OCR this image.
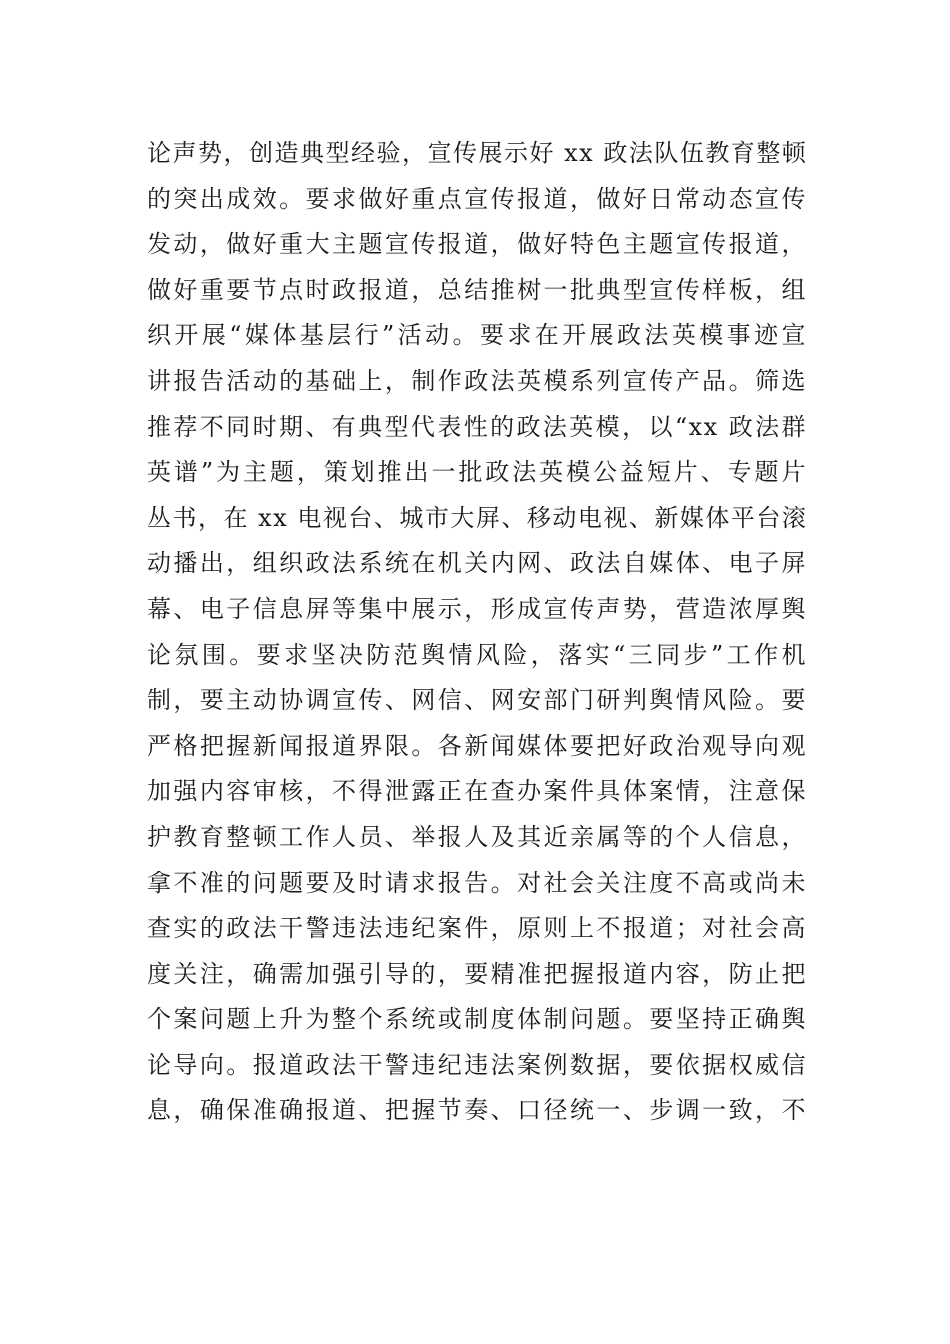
论声势，创造典型经验，宣传展示好 xx 政法队伍教育整顿
的突出成效。要求做好重点宣传报道，做好日常动态宣传
发动，做好重大主题宣传报道，做好特色主题宣传报道，
做好重要节点时政报道，总结推树一批典型宣传样板，组
织开展“媒体基层行”活动。要求在开展政法英模事迹宣
讲报告活动的基础上，制作政法英模系列宣传产品。筛选
推荐不同时期、有典型代表性的政法英模，以“xx 政法群
英谱”为主题，策划推出一批政法英模公益短片、专题片
丛书，在 xx 电视台、城市大屏、移动电视、新媒体平台滚
动播出，组织政法系统在机关内网、政法自媒体、电子屏
幕、电子信息屏等集中展示，形成宣传声势，营造浓厚舆
论氛围。要求坚决防范舆情风险，落实“三同步”工作机
制，要主动协调宣传、网信、网安部门研判舆情风险。要
严格把握新闻报道界限。各新闻媒体要把好政治观导向观
加强内容审核，不得泄露正在查办案件具体案情，注意保
护教育整顿工作人员、举报人及其近亲属等的个人信息，
拿不准的问题要及时请求报告。对社会关注度不高或尚未
查实的政法干警违法违纪案件，原则上不报道；对社会高
度关注，确需加强引导的，要精准把握报道内容，防止把
个案问题上升为整个系统或制度体制问题。要坚持正确舆
论导向。报道政法干警违纪违法案例数据，要依据权威信
息，确保准确报道、把握节奏、口径统一、步调一致，不
